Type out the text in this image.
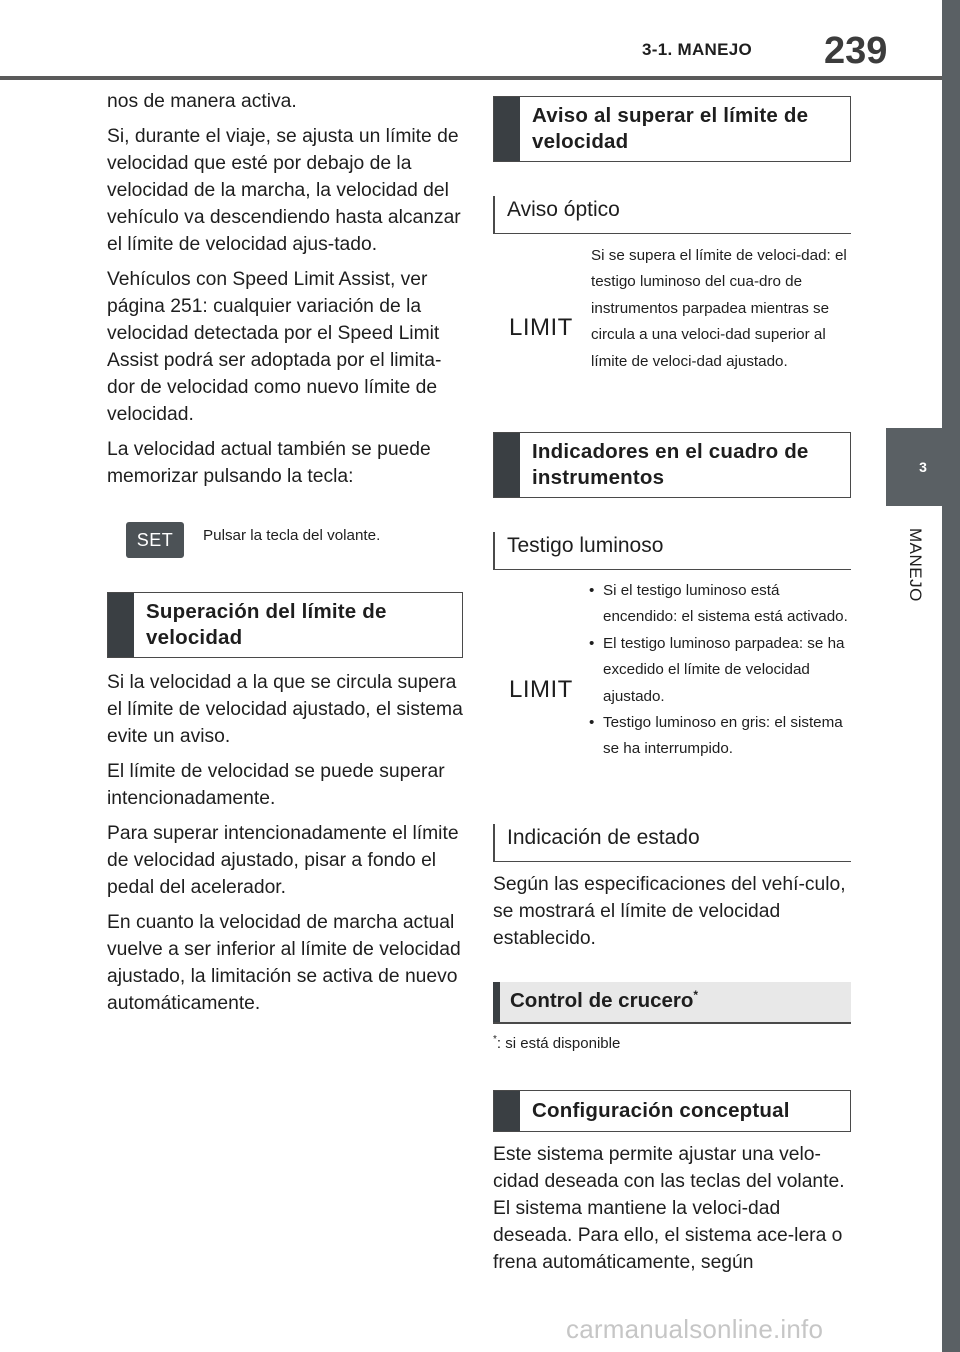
3-1. MANEJO 239
3
MANEJO

nos de manera activa.

Si, durante el viaje, se ajusta un límite de velocidad que esté por debajo de la velocidad de la marcha, la velocidad del vehículo va descendiendo hasta alcanzar el límite de velocidad ajus-tado.

Vehículos con Speed Limit Assist, ver página 251: cualquier variación de la velocidad detectada por el Speed Limit Assist podrá ser adoptada por el limita-dor de velocidad como nuevo límite de velocidad.

La velocidad actual también se puede memorizar pulsando la tecla:

SET	Pulsar la tecla del volante.
Superación del límite de velocidad

Si la velocidad a la que se circula supera el límite de velocidad ajustado, el sistema evite un aviso.

El límite de velocidad se puede superar intencionadamente.

Para superar intencionadamente el límite de velocidad ajustado, pisar a fondo el pedal del acelerador.

En cuanto la velocidad de marcha actual vuelve a ser inferior al límite de velocidad ajustado, la limitación se activa de nuevo automáticamente.

Aviso al superar el límite de velocidad
Aviso óptico
LIMIT
Si se supera el límite de veloci-dad: el testigo luminoso del cua-dro de instrumentos parpadea mientras se circula a una veloci-dad superior al límite de veloci-dad ajustado.
Indicadores en el cuadro de instrumentos
Testigo luminoso
LIMIT
• Si el testigo luminoso está encendido: el sistema está activado.
• El testigo luminoso parpadea: se ha excedido el límite de velocidad ajustado.
• Testigo luminoso en gris: el sistema se ha interrumpido.
Indicación de estado

Según las especificaciones del vehí-culo, se mostrará el límite de velocidad establecido.

Control de crucero*
*: si está disponible
Configuración conceptual

Este sistema permite ajustar una velo-cidad deseada con las teclas del volante. El sistema mantiene la veloci-dad deseada. Para ello, el sistema ace-lera o frena automáticamente, según

carmanualsonline.info
